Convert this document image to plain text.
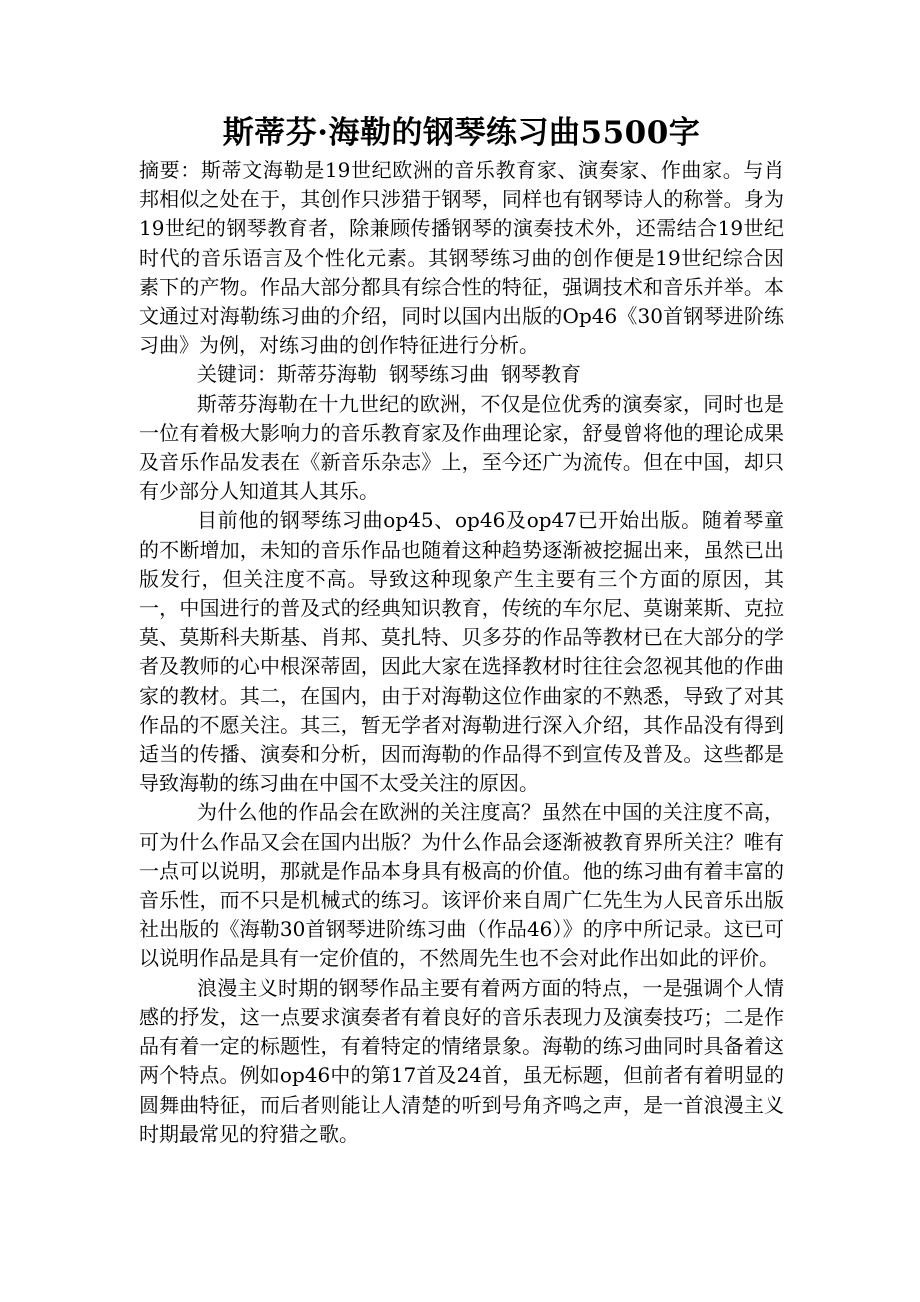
斯蒂芬·海勒的钢琴练习曲5500字

摘要：斯蒂文海勒是19世纪欧洲的音乐教育家、演奏家、作曲家。与肖邦相似之处在于，其创作只涉猎于钢琴，同样也有钢琴诗人的称誉。身为19世纪的钢琴教育者，除兼顾传播钢琴的演奏技术外，还需结合19世纪时代的音乐语言及个性化元素。其钢琴练习曲的创作便是19世纪综合因素下的产物。作品大部分都具有综合性的特征，强调技术和音乐并举。本文通过对海勒练习曲的介绍，同时以国内出版的Op46《30首钢琴进阶练习曲》为例，对练习曲的创作特征进行分析。

关键词：斯蒂芬海勒 钢琴练习曲 钢琴教育

斯蒂芬海勒在十九世纪的欧洲，不仅是位优秀的演奏家，同时也是一位有着极大影响力的音乐教育家及作曲理论家，舒曼曾将他的理论成果及音乐作品发表在《新音乐杂志》上，至今还广为流传。但在中国，却只有少部分人知道其人其乐。

目前他的钢琴练习曲op45、op46及op47已开始出版。随着琴童的不断增加，未知的音乐作品也随着这种趋势逐渐被挖掘出来，虽然已出版发行，但关注度不高。导致这种现象产生主要有三个方面的原因，其一，中国进行的普及式的经典知识教育，传统的车尔尼、莫谢莱斯、克拉莫、莫斯科夫斯基、肖邦、莫扎特、贝多芬的作品等教材已在大部分的学者及教师的心中根深蒂固，因此大家在选择教材时往往会忽视其他的作曲家的教材。其二，在国内，由于对海勒这位作曲家的不熟悉，导致了对其作品的不愿关注。其三，暂无学者对海勒进行深入介绍，其作品没有得到适当的传播、演奏和分析，因而海勒的作品得不到宣传及普及。这些都是导致海勒的练习曲在中国不太受关注的原因。

为什么他的作品会在欧洲的关注度高？虽然在中国的关注度不高，可为什么作品又会在国内出版？为什么作品会逐渐被教育界所关注？唯有一点可以说明，那就是作品本身具有极高的价值。他的练习曲有着丰富的音乐性，而不只是机械式的练习。该评价来自周广仁先生为人民音乐出版社出版的《海勒30首钢琴进阶练习曲（作品46）》的序中所记录。这已可以说明作品是具有一定价值的，不然周先生也不会对此作出如此的评价。

浪漫主义时期的钢琴作品主要有着两方面的特点，一是强调个人情感的抒发，这一点要求演奏者有着良好的音乐表现力及演奏技巧；二是作品有着一定的标题性，有着特定的情绪景象。海勒的练习曲同时具备着这两个特点。例如op46中的第17首及24首，虽无标题，但前者有着明显的圆舞曲特征，而后者则能让人清楚的听到号角齐鸣之声，是一首浪漫主义时期最常见的狩猎之歌。
